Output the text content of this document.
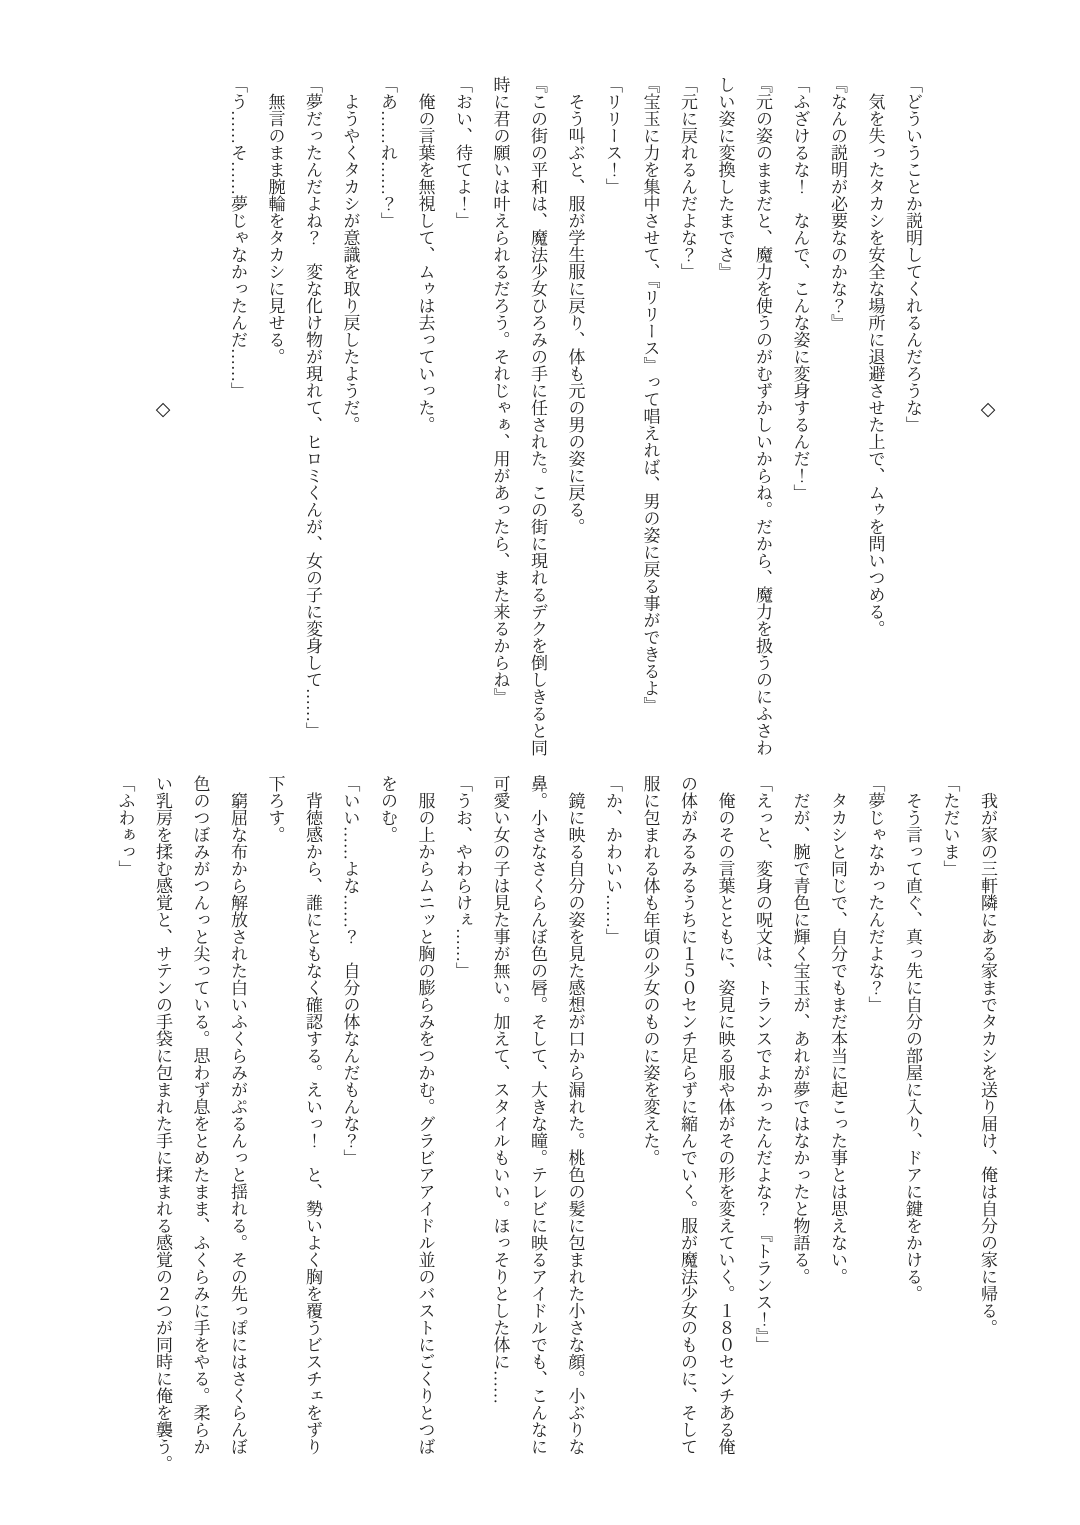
◇

「どういうことか説明してくれるんだろうな」

　気を失ったタカシを安全な場所に退避させた上で、ムゥを問いつめる。

『なんの説明が必要なのかな？』

「ふざけるな！　なんで、こんな姿に変身するんだ！」

『元の姿のままだと、魔力を使うのがむずかしいからね。だから、魔力を扱うのにふさわ

しい姿に変換したまでさ』

「元に戻れるんだよな？」

『宝玉に力を集中させて、『リリース』って唱えれば、男の姿に戻る事ができるよ』

「リリース！」

　そう叫ぶと、服が学生服に戻り、体も元の男の姿に戻る。

『この街の平和は、魔法少女ひろみの手に任された。この街に現れるデクを倒しきると同

時に君の願いは叶えられるだろう。それじゃぁ、用があったら、また来るからね』

「おい、待てよ！」

　俺の言葉を無視して、ムゥは去っていった。

「あ……れ……？」

　ようやくタカシが意識を取り戻したようだ。

「夢だったんだよね？　変な化け物が現れて、ヒロミくんが、女の子に変身して……」

　無言のまま腕輪をタカシに見せる。

「う……そ……夢じゃなかったんだ……」

◇

　我が家の三軒隣にある家までタカシを送り届け、俺は自分の家に帰る。

「ただいま」

　そう言って直ぐ、真っ先に自分の部屋に入り、ドアに鍵をかける。

「夢じゃなかったんだよな？」

　タカシと同じで、自分でもまだ本当に起こった事とは思えない。

　だが、腕で青色に輝く宝玉が、あれが夢ではなかったと物語る。

「えっと、変身の呪文は、トランスでよかったんだよな？　『トランス！』」

　俺のその言葉とともに、姿見に映る服や体がその形を変えていく。１８０センチある俺

の体がみるみるうちに１５０センチ足らずに縮んでいく。服が魔法少女のものに、そして

服に包まれる体も年頃の少女のものに姿を変えた。

「か、かわいい……」

　鏡に映る自分の姿を見た感想が口から漏れた。桃色の髪に包まれた小さな顔。小ぶりな

鼻。小さなさくらんぼ色の唇。そして、大きな瞳。テレビに映るアイドルでも、こんなに

可愛い女の子は見た事が無い。加えて、スタイルもいい。ほっそりとした体に……

「うお、やわらけぇ……」

　服の上からムニッと胸の膨らみをつかむ。グラビアアイドル並のバストにごくりとつば

をのむ。

「いい……よな……？　自分の体なんだもんな？」

　背徳感から、誰にともなく確認する。えいっ！　と、勢いよく胸を覆うビスチェをずり

下ろす。

　窮屈な布から解放された白いふくらみがぷるんっと揺れる。その先っぽにはさくらんぼ

色のつぼみがつんっと尖っている。思わず息をとめたまま、ふくらみに手をやる。柔らか

い乳房を揉む感覚と、サテンの手袋に包まれた手に揉まれる感覚の２つが同時に俺を襲う。

「ふわぁっ」
